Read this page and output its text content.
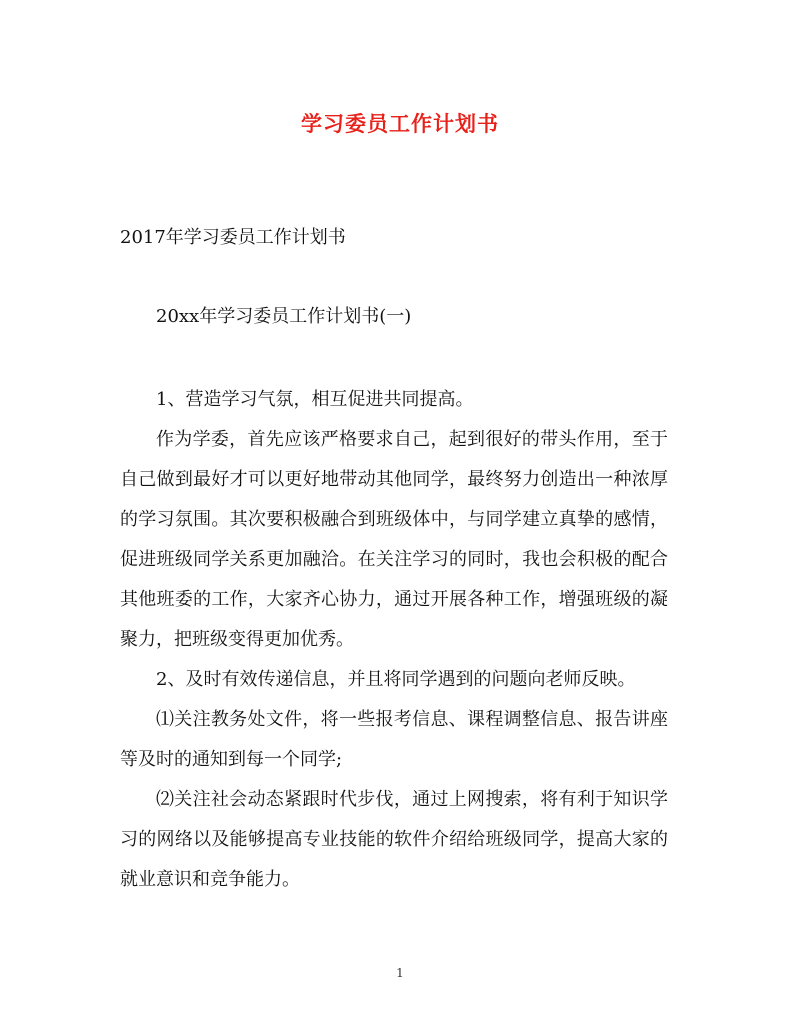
学习委员工作计划书
2017年学习委员工作计划书
20xx年学习委员工作计划书(一)

1、营造学习气氛，相互促进共同提高。

作为学委，首先应该严格要求自己，起到很好的带头作用，至于自己做到最好才可以更好地带动其他同学，最终努力创造出一种浓厚的学习氛围。其次要积极融合到班级体中，与同学建立真挚的感情，促进班级同学关系更加融洽。在关注学习的同时，我也会积极的配合其他班委的工作，大家齐心协力，通过开展各种工作，增强班级的凝聚力，把班级变得更加优秀。

2、及时有效传递信息，并且将同学遇到的问题向老师反映。

⑴关注教务处文件，将一些报考信息、课程调整信息、报告讲座等及时的通知到每一个同学;

⑵关注社会动态紧跟时代步伐，通过上网搜索，将有利于知识学习的网络以及能够提高专业技能的软件介绍给班级同学，提高大家的就业意识和竞争能力。

1
